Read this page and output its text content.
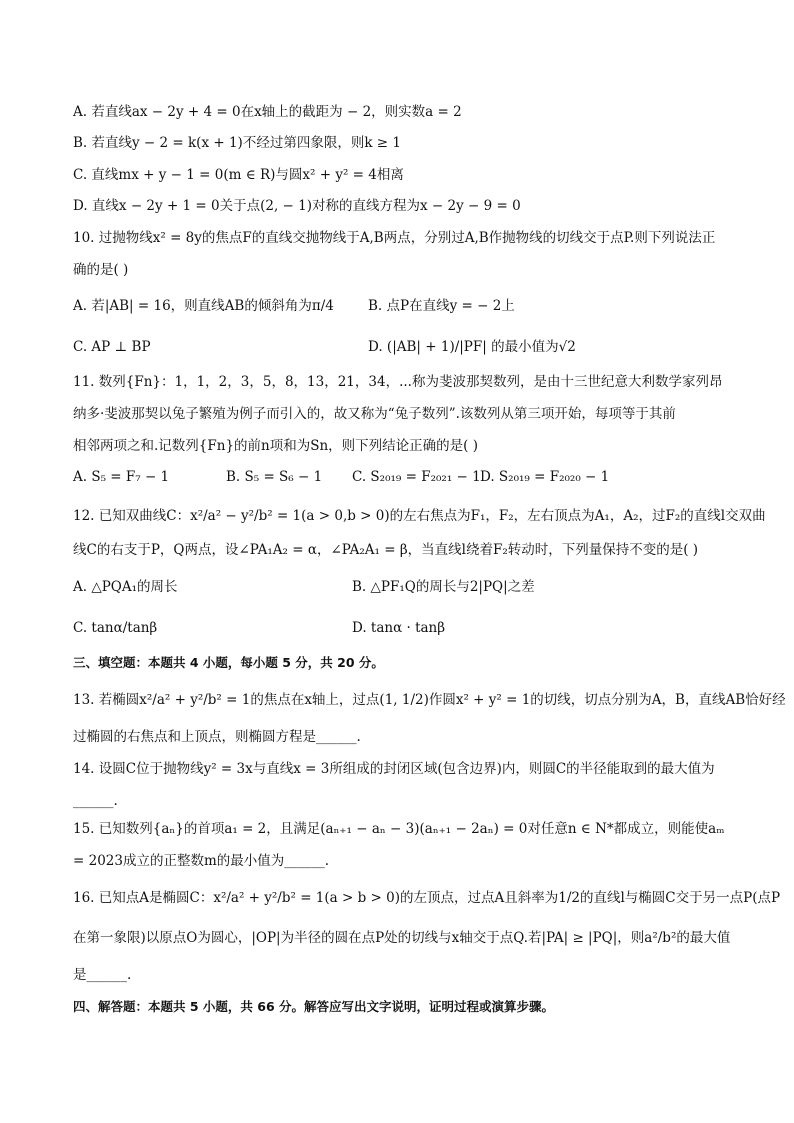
A. 若直线ax − 2y + 4 = 0在x轴上的截距为 − 2，则实数a = 2
B. 若直线y − 2 = k(x + 1)不经过第四象限，则k ≥ 1
C. 直线mx + y − 1 = 0(m ∈ R)与圆x² + y² = 4相离
D. 直线x − 2y + 1 = 0关于点(2, − 1)对称的直线方程为x − 2y − 9 = 0
10. 过抛物线x² = 8y的焦点F的直线交抛物线于A,B两点，分别过A,B作抛物线的切线交于点P.则下列说法正
确的是( )
A. 若|AB| = 16，则直线AB的倾斜角为π/4	B. 点P在直线y = − 2上
C. AP ⊥ BP	D. (|AB| + 1)/|PF| 的最小值为√2
11. 数列{Fn}：1，1，2，3，5，8，13，21，34，...称为斐波那契数列，是由十三世纪意大利数学家列昂
纳多·斐波那契以兔子繁殖为例子而引入的，故又称为“兔子数列”.该数列从第三项开始，每项等于其前
相邻两项之和.记数列{Fn}的前n项和为Sn，则下列结论正确的是( )
A. S₅ = F₇ − 1	B. S₅ = S₆ − 1 C. S₂₀₁₉ = F₂₀₂₁ − 1 D. S₂₀₁₉ = F₂₀₂₀ − 1
12. 已知双曲线C：x²/a² − y²/b² = 1(a > 0,b > 0)的左右焦点为F₁，F₂，左右顶点为A₁，A₂，过F₂的直线l交双曲
线C的右支于P，Q两点，设∠PA₁A₂ = α，∠PA₂A₁ = β，当直线l绕着F₂转动时，下列量保持不变的是( )
A. △PQA₁的周长	B. △PF₁Q的周长与2|PQ|之差
C. tanα/tanβ	D. tanα · tanβ
三、填空题：本题共 4 小题，每小题 5 分，共 20 分。
13. 若椭圆x²/a² + y²/b² = 1的焦点在x轴上，过点(1, 1/2)作圆x² + y² = 1的切线，切点分别为A，B，直线AB恰好经
过椭圆的右焦点和上顶点，则椭圆方程是______.
14. 设圆C位于抛物线y² = 3x与直线x = 3所组成的封闭区域(包含边界)内，则圆C的半径能取到的最大值为
______.
15. 已知数列{aₙ}的首项a₁ = 2，且满足(aₙ₊₁ − aₙ − 3)(aₙ₊₁ − 2aₙ) = 0对任意n ∈ N*都成立，则能使aₘ
= 2023成立的正整数m的最小值为______.
16. 已知点A是椭圆C：x²/a² + y²/b² = 1(a > b > 0)的左顶点，过点A且斜率为1/2的直线l与椭圆C交于另一点P(点P
在第一象限)以原点O为圆心，|OP|为半径的圆在点P处的切线与x轴交于点Q.若|PA| ≥ |PQ|，则a²/b²的最大值
是______.
四、解答题：本题共 5 小题，共 66 分。解答应写出文字说明，证明过程或演算步骤。
